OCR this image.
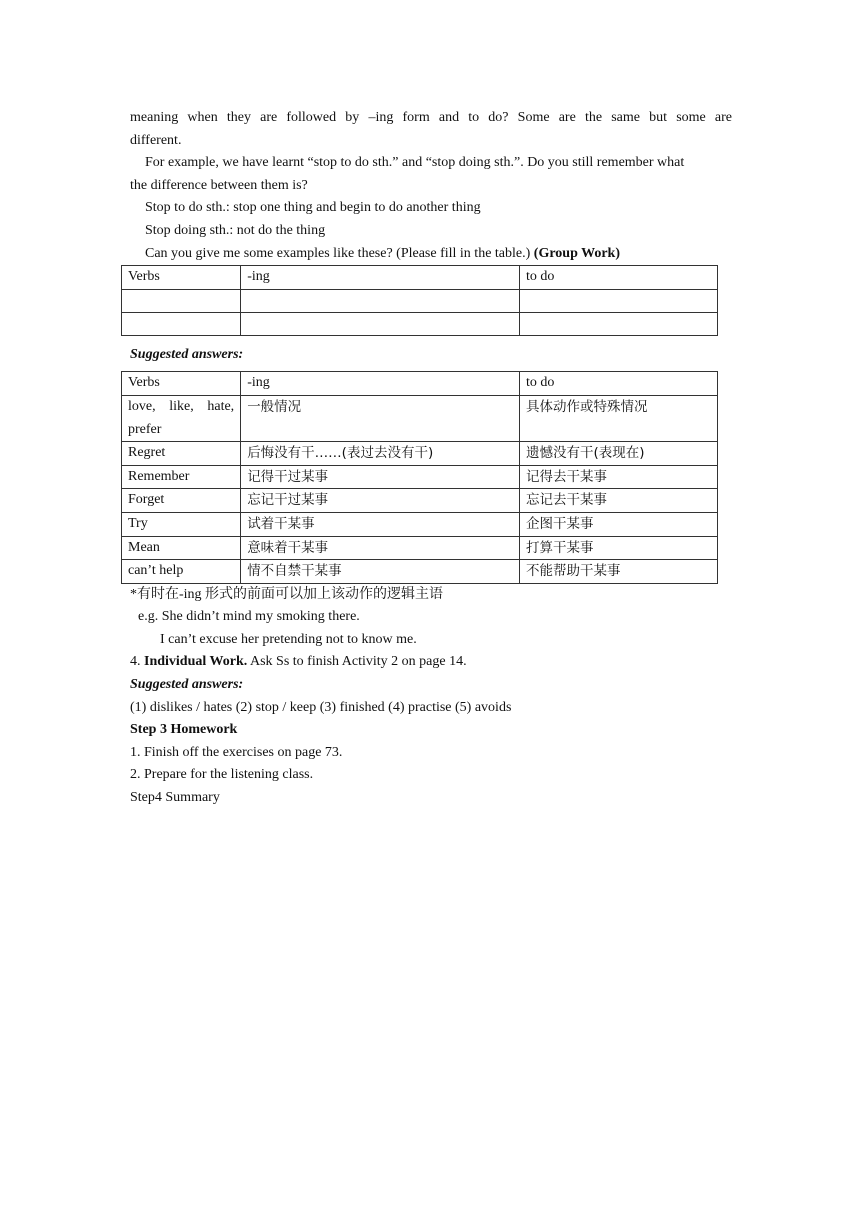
meaning when they are followed by –ing form and to do? Some are the same but some are

different.

For example, we have learnt “stop to do sth.” and “stop doing sth.”. Do you still remember what

the difference between them is?

Stop to do sth.: stop one thing and begin to do another thing

Stop doing sth.: not do the thing

Can you give me some examples like these? (Please fill in the table.) (Group Work)

Verbs	-ing	to do

Suggested answers:

Verbs	-ing	to do

love, like, hate,
prefer	一般情况	具体动作或特殊情况
Regret	后悔没有干……(表过去没有干)	遗憾没有干(表现在)
Remember	记得干过某事	记得去干某事
Forget	忘记干过某事	忘记去干某事
Try	试着干某事	企图干某事
Mean	意味着干某事	打算干某事
can’t help	情不自禁干某事	不能帮助干某事

*有时在-ing 形式的前面可以加上该动作的逻辑主语

e.g. She didn’t mind my smoking there.

I can’t excuse her pretending not to know me.

4. Individual Work. Ask Ss to finish Activity 2 on page 14.

Suggested answers:

(1) dislikes / hates (2) stop / keep (3) finished (4) practise (5) avoids

Step 3 Homework

1. Finish off the exercises on page 73.

2. Prepare for the listening class.

Step4 Summary
